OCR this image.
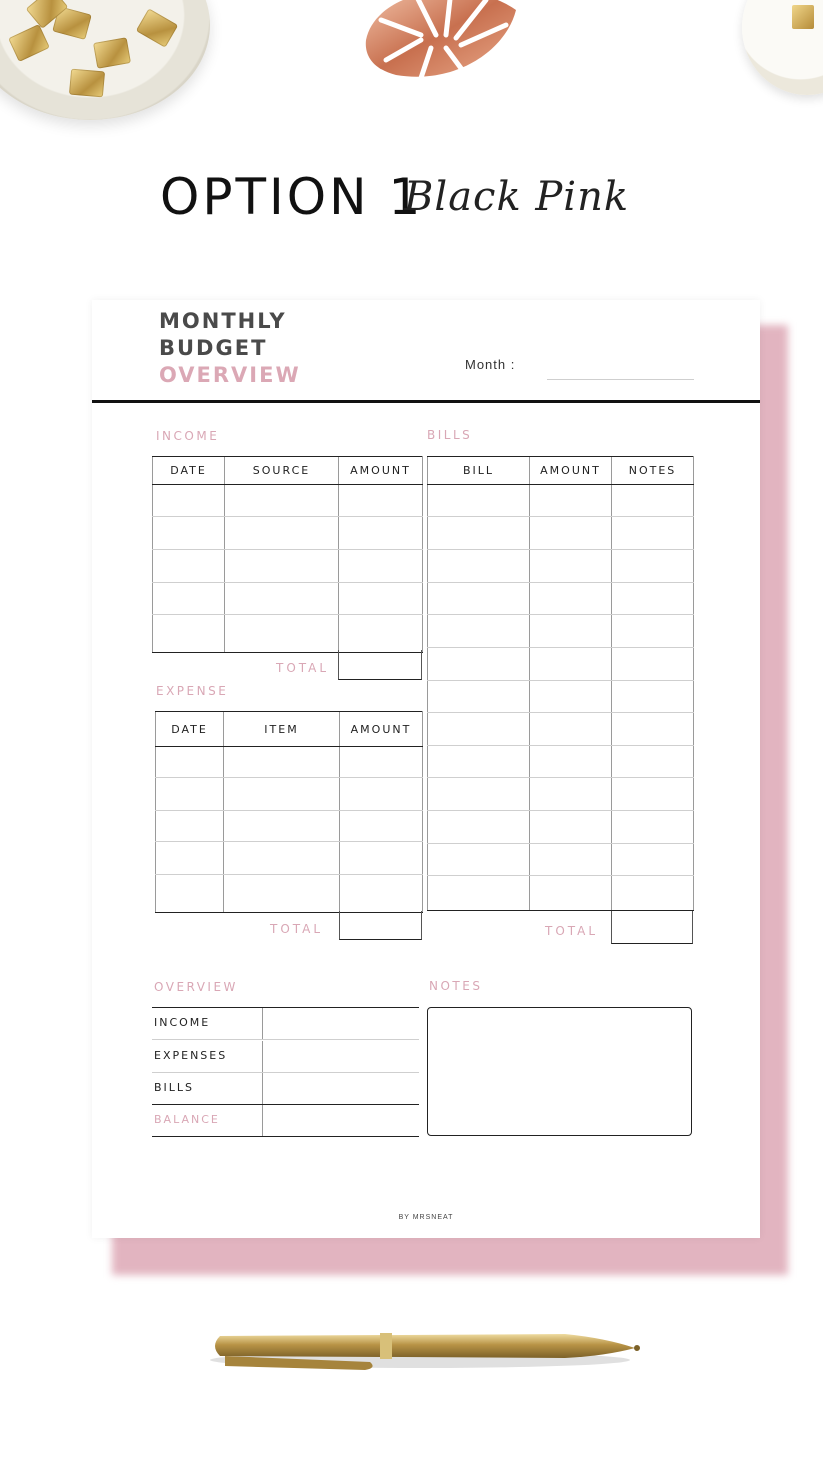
OPTION 1
Black Pink
MONTHLY
BUDGET
OVERVIEW	Month :
INCOME
DATE	SOURCE	AMOUNT

TOTAL
EXPENSE
DATE	ITEM	AMOUNT

TOTAL
BILLS
BILL	AMOUNT	NOTES

TOTAL
OVERVIEW
INCOME
EXPENSES
BILLS
BALANCE
NOTES
BY MRSNEAT
